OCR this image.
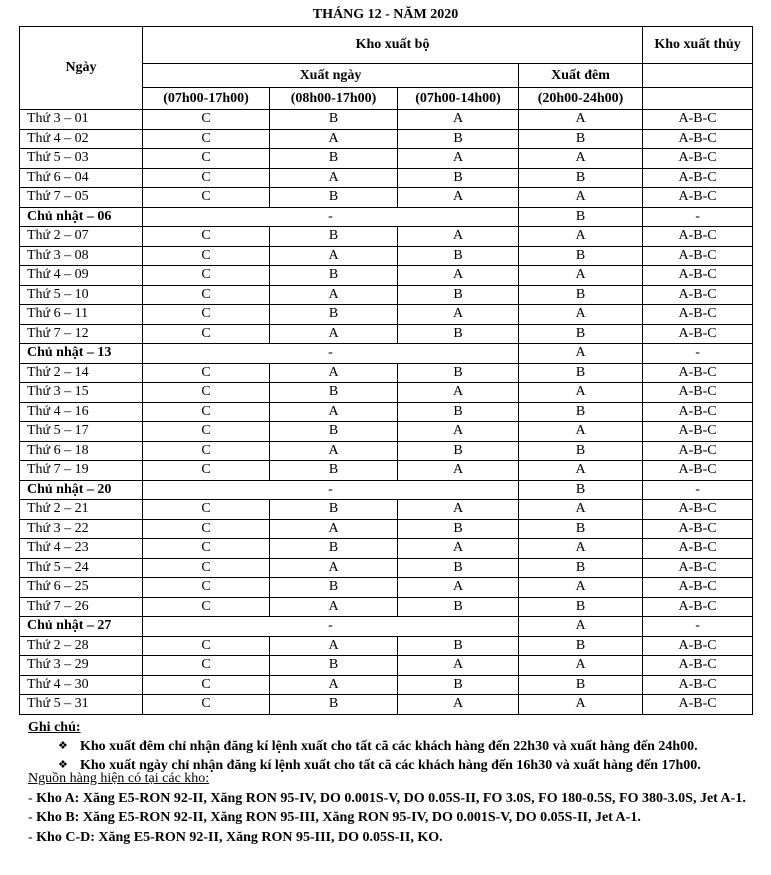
THÁNG 12 - NĂM 2020
Ngày	Kho xuất bộ				Kho xuất thủy
	Xuất ngày			Xuất đêm	
	(07h00-17h00)	(08h00-17h00)	(07h00-14h00)	(20h00-24h00)	
Thứ 3 – 01	C	B	A	A	A-B-C
Thứ 4 – 02	C	A	B	B	A-B-C
Thứ 5 – 03	C	B	A	A	A-B-C
Thứ 6 – 04	C	A	B	B	A-B-C
Thứ 7 – 05	C	B	A	A	A-B-C
Chủ nhật – 06	-			B	-
Thứ 2 – 07	C	B	A	A	A-B-C
Thứ 3 – 08	C	A	B	B	A-B-C
Thứ 4 – 09	C	B	A	A	A-B-C
Thứ 5 – 10	C	A	B	B	A-B-C
Thứ 6 – 11	C	B	A	A	A-B-C
Thứ 7 – 12	C	A	B	B	A-B-C
Chủ nhật – 13	-			A	-
Thứ 2 – 14	C	A	B	B	A-B-C
Thứ 3 – 15	C	B	A	A	A-B-C
Thứ 4 – 16	C	A	B	B	A-B-C
Thứ 5 – 17	C	B	A	A	A-B-C
Thứ 6 – 18	C	A	B	B	A-B-C
Thứ 7 – 19	C	B	A	A	A-B-C
Chủ nhật – 20	-			B	-
Thứ 2 – 21	C	B	A	A	A-B-C
Thứ 3 – 22	C	A	B	B	A-B-C
Thứ 4 – 23	C	B	A	A	A-B-C
Thứ 5 – 24	C	A	B	B	A-B-C
Thứ 6 – 25	C	B	A	A	A-B-C
Thứ 7 – 26	C	A	B	B	A-B-C
Chủ nhật – 27	-			A	-
Thứ 2 – 28	C	A	B	B	A-B-C
Thứ 3 – 29	C	B	A	A	A-B-C
Thứ 4 – 30	C	A	B	B	A-B-C
Thứ 5 – 31	C	B	A	A	A-B-C
Ghi chú:
❖ Kho xuất đêm chỉ nhận đăng kí lệnh xuất cho tất cã các khách hàng đến 22h30 và xuất hàng đến 24h00.
❖ Kho xuất ngày chỉ nhận đăng kí lệnh xuất cho tất cã các khách hàng đến 16h30 và xuất hàng đến 17h00.
Nguồn hàng hiện có tại các kho:
- Kho A: Xăng E5-RON 92-II, Xăng RON 95-IV, DO 0.001S-V, DO 0.05S-II, FO 3.0S, FO 180-0.5S, FO 380-3.0S, Jet A-1.
- Kho B: Xăng E5-RON 92-II, Xăng RON 95-III, Xăng RON 95-IV, DO 0.001S-V, DO 0.05S-II, Jet A-1.
- Kho C-D: Xăng E5-RON 92-II, Xăng RON 95-III, DO 0.05S-II, KO.
